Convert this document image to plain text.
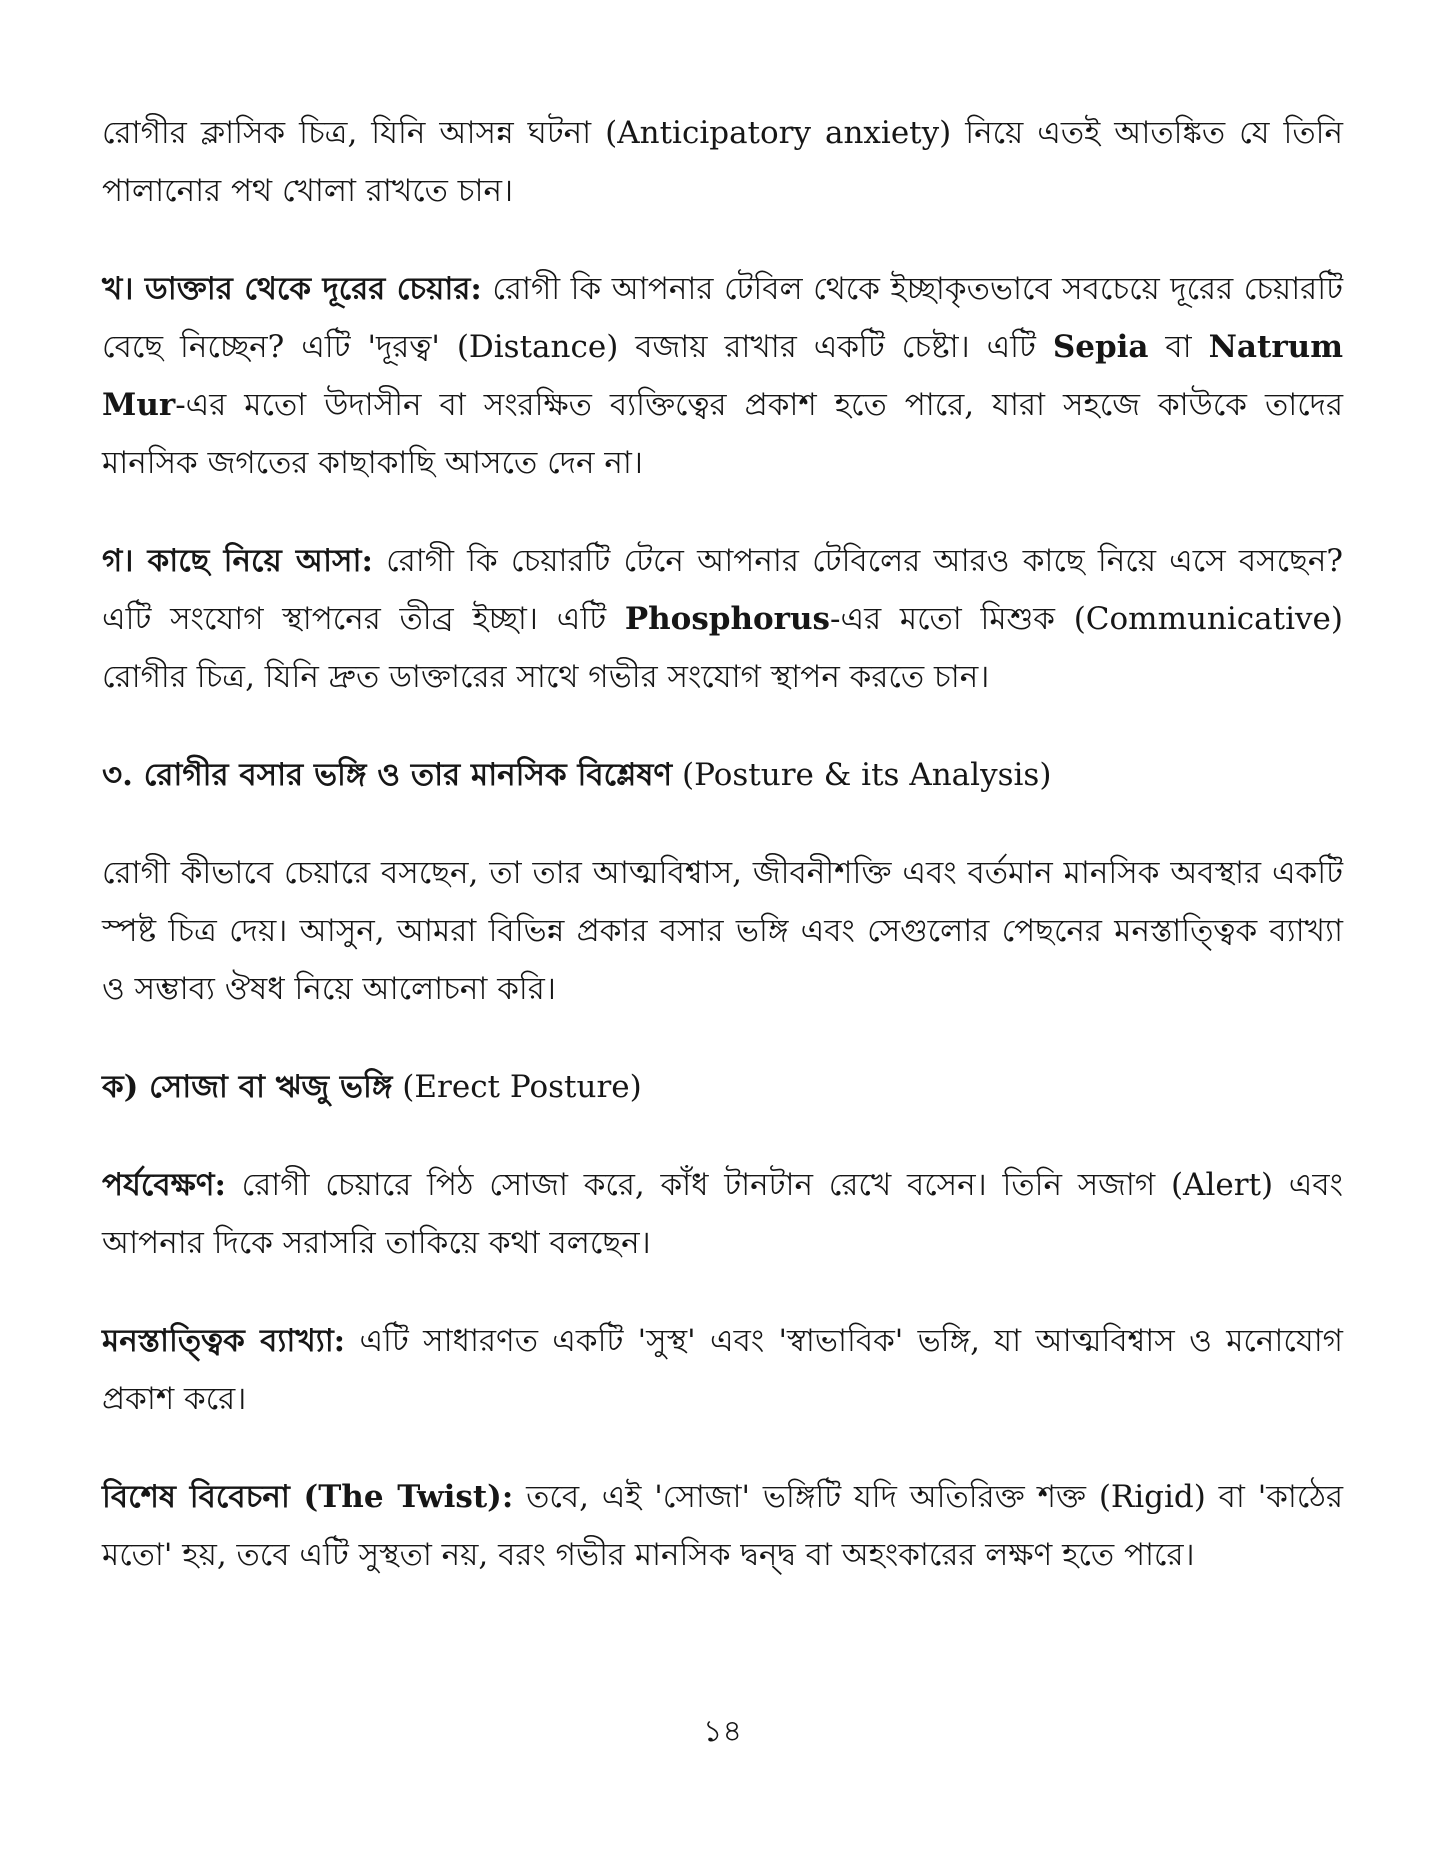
রোগীর ক্লাসিক চিত্র, যিনি আসন্ন ঘটনা (Anticipatory anxiety) নিয়ে এতই আতঙ্কিত যে তিনি পালানোর পথ খোলা রাখতে চান।

খ। ডাক্তার থেকে দূরের চেয়ার: রোগী কি আপনার টেবিল থেকে ইচ্ছাকৃতভাবে সবচেয়ে দূরের চেয়ারটি বেছে নিচ্ছেন? এটি 'দূরত্ব' (Distance) বজায় রাখার একটি চেষ্টা। এটি Sepia বা Natrum Mur-এর মতো উদাসীন বা সংরক্ষিত ব্যক্তিত্বের প্রকাশ হতে পারে, যারা সহজে কাউকে তাদের মানসিক জগতের কাছাকাছি আসতে দেন না।

গ। কাছে নিয়ে আসা: রোগী কি চেয়ারটি টেনে আপনার টেবিলের আরও কাছে নিয়ে এসে বসছেন? এটি সংযোগ স্থাপনের তীব্র ইচ্ছা। এটি Phosphorus-এর মতো মিশুক (Communicative) রোগীর চিত্র, যিনি দ্রুত ডাক্তারের সাথে গভীর সংযোগ স্থাপন করতে চান।

৩. রোগীর বসার ভঙ্গি ও তার মানসিক বিশ্লেষণ (Posture & its Analysis)

রোগী কীভাবে চেয়ারে বসছেন, তা তার আত্মবিশ্বাস, জীবনীশক্তি এবং বর্তমান মানসিক অবস্থার একটি স্পষ্ট চিত্র দেয়। আসুন, আমরা বিভিন্ন প্রকার বসার ভঙ্গি এবং সেগুলোর পেছনের মনস্তাত্ত্বিক ব্যাখ্যা ও সম্ভাব্য ঔষধ নিয়ে আলোচনা করি।

ক) সোজা বা ঋজু ভঙ্গি (Erect Posture)

পর্যবেক্ষণ: রোগী চেয়ারে পিঠ সোজা করে, কাঁধ টানটান রেখে বসেন। তিনি সজাগ (Alert) এবং আপনার দিকে সরাসরি তাকিয়ে কথা বলছেন।

মনস্তাত্ত্বিক ব্যাখ্যা: এটি সাধারণত একটি 'সুস্থ' এবং 'স্বাভাবিক' ভঙ্গি, যা আত্মবিশ্বাস ও মনোযোগ প্রকাশ করে।

বিশেষ বিবেচনা (The Twist): তবে, এই 'সোজা' ভঙ্গিটি যদি অতিরিক্ত শক্ত (Rigid) বা 'কাঠের মতো' হয়, তবে এটি সুস্থতা নয়, বরং গভীর মানসিক দ্বন্দ্ব বা অহংকারের লক্ষণ হতে পারে।

১৪
